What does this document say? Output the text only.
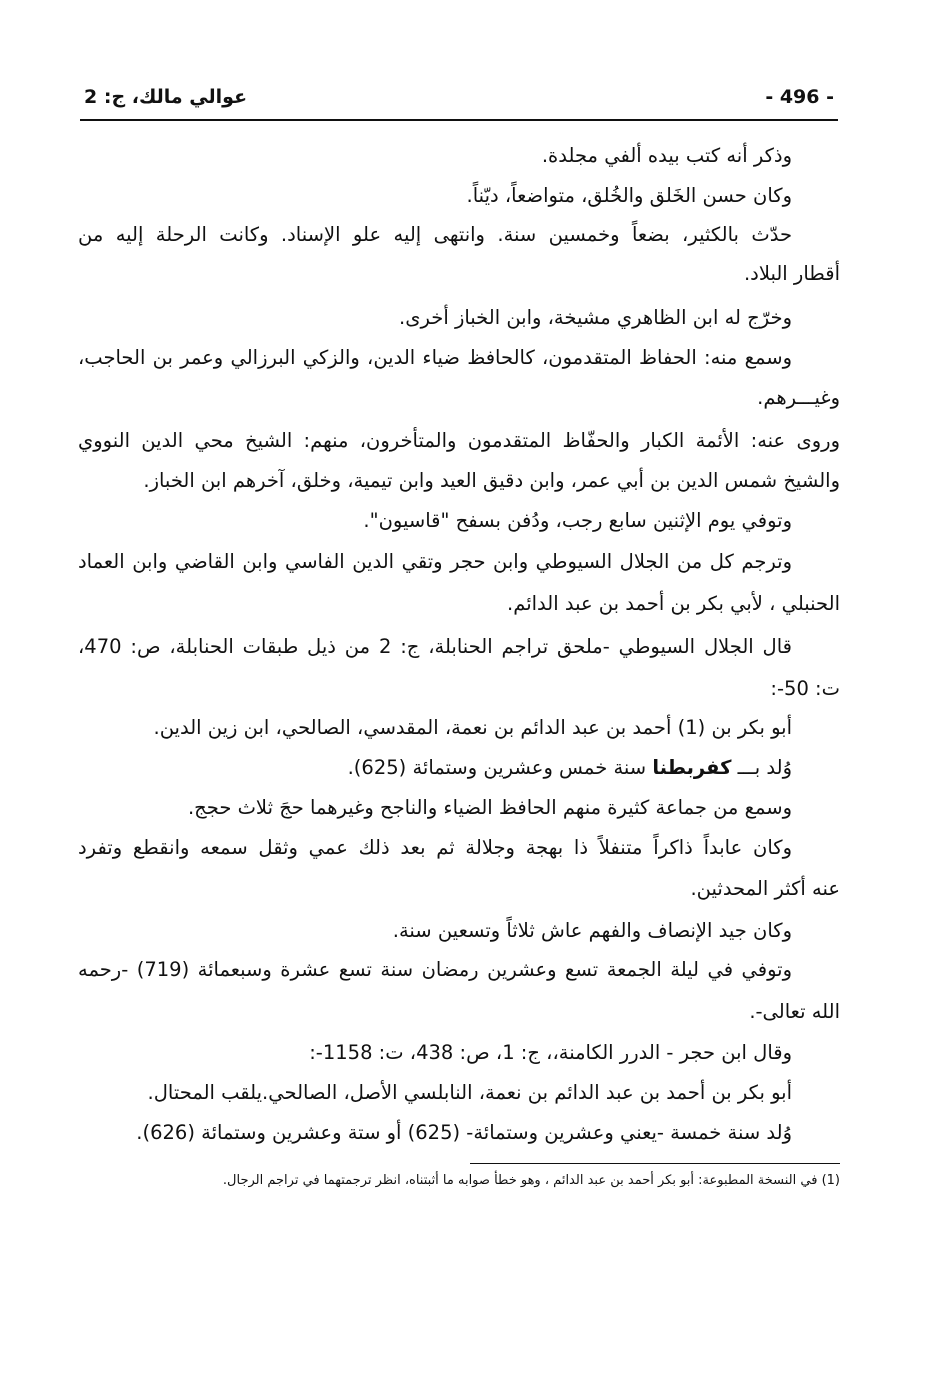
- 496 -
عوالي مالك، ج: 2
وذكر أنه كتب بيده ألفي مجلدة.
وكان حسن الخَلق والخُلق، متواضعاً، ديّناً.
حدّث بالكثير، بضعاً وخمسين سنة. وانتهى إليه علو الإسناد. وكانت الرحلة إليه من
أقطار البلاد.
وخرّج له ابن الظاهري مشيخة، وابن الخباز أخرى.
وسمع منه: الحفاظ المتقدمون، كالحافظ ضياء الدين، والزكي البرزالي وعمر بن الحاجب،
وغيـــرهم.
وروى عنه: الأئمة الكبار والحفّاظ المتقدمون والمتأخرون، منهم: الشيخ محي الدين النووي
والشيخ شمس الدين بن أبي عمر، وابن دقيق العيد وابن تيمية، وخلق، آخرهم ابن الخباز.
وتوفي يوم الإثنين سابع رجب، ودُفن بسفح "قاسيون".
وترجم كل من الجلال السيوطي وابن حجر وتقي الدين الفاسي وابن القاضي وابن العماد
الحنبلي ، لأبي بكر بن أحمد بن عبد الدائم.
قال الجلال السيوطي -ملحق تراجم الحنابلة، ج: 2 من ذيل طبقات الحنابلة، ص: 470،
ت: 50-:
أبو بكر بن (1) أحمد بن عبد الدائم بن نعمة، المقدسي، الصالحي، ابن زين الدين.
وُلد بـــ كفربطنا سنة خمس وعشرين وستمائة (625).
وسمع من جماعة كثيرة منهم الحافظ الضياء والناجح وغيرهما حجَ ثلاث حجج.
وكان عابداً ذاكراً متنفلاً ذا بهجة وجلالة ثم بعد ذلك عمي وثقل سمعه وانقطع وتفرد
عنه أكثر المحدثين.
وكان جيد الإنصاف والفهم عاش ثلاثاً وتسعين سنة.
وتوفي في ليلة الجمعة تسع وعشرين رمضان سنة تسع عشرة وسبعمائة (719) -رحمه
الله تعالى-.
وقال ابن حجر - الدرر الكامنة،، ج: 1، ص: 438، ت: 1158-:
أبو بكر بن أحمد بن عبد الدائم بن نعمة، النابلسي الأصل، الصالحي.يلقب المحتال.
وُلد سنة خمسة -يعني وعشرين وستمائة- (625) أو ستة وعشرين وستمائة (626).
(1) في النسخة المطبوعة: أبو بكر أحمد بن عبد الدائم ، وهو خطأ صوابه ما أثبتناه، انظر ترجمتهما في تراجم الرجال.
